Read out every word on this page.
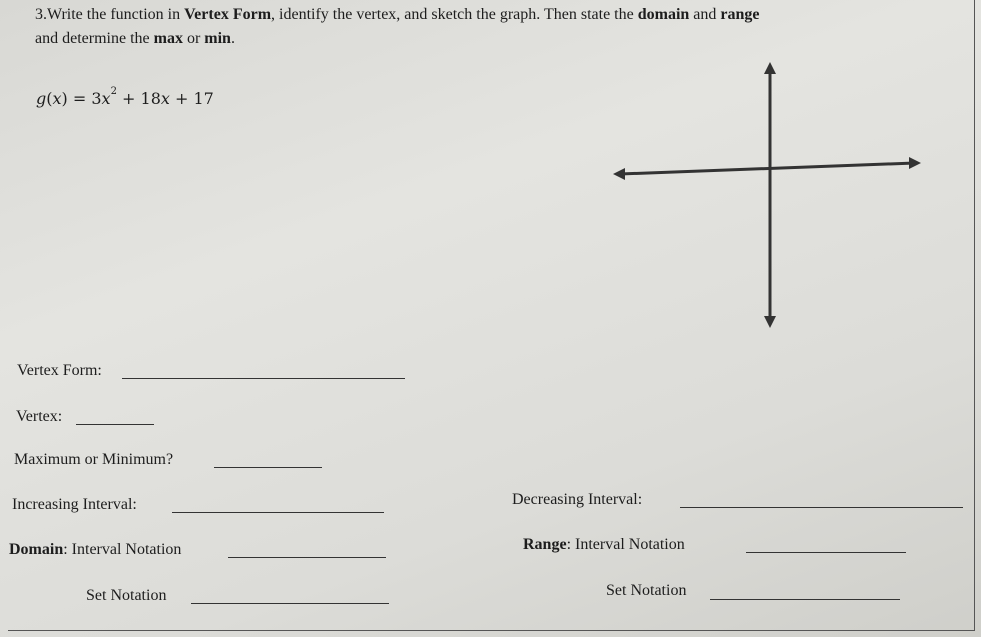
3.Write the function in Vertex Form, identify the vertex, and sketch the graph. Then state the domain and range
and determine the max or min.
$g(x) = 3x^2 + 18x + 17$
Vertex Form:
Vertex:
Maximum or Minimum?
Increasing Interval:	Decreasing Interval:
Domain: Interval Notation	Range: Interval Notation
Set Notation	Set Notation
